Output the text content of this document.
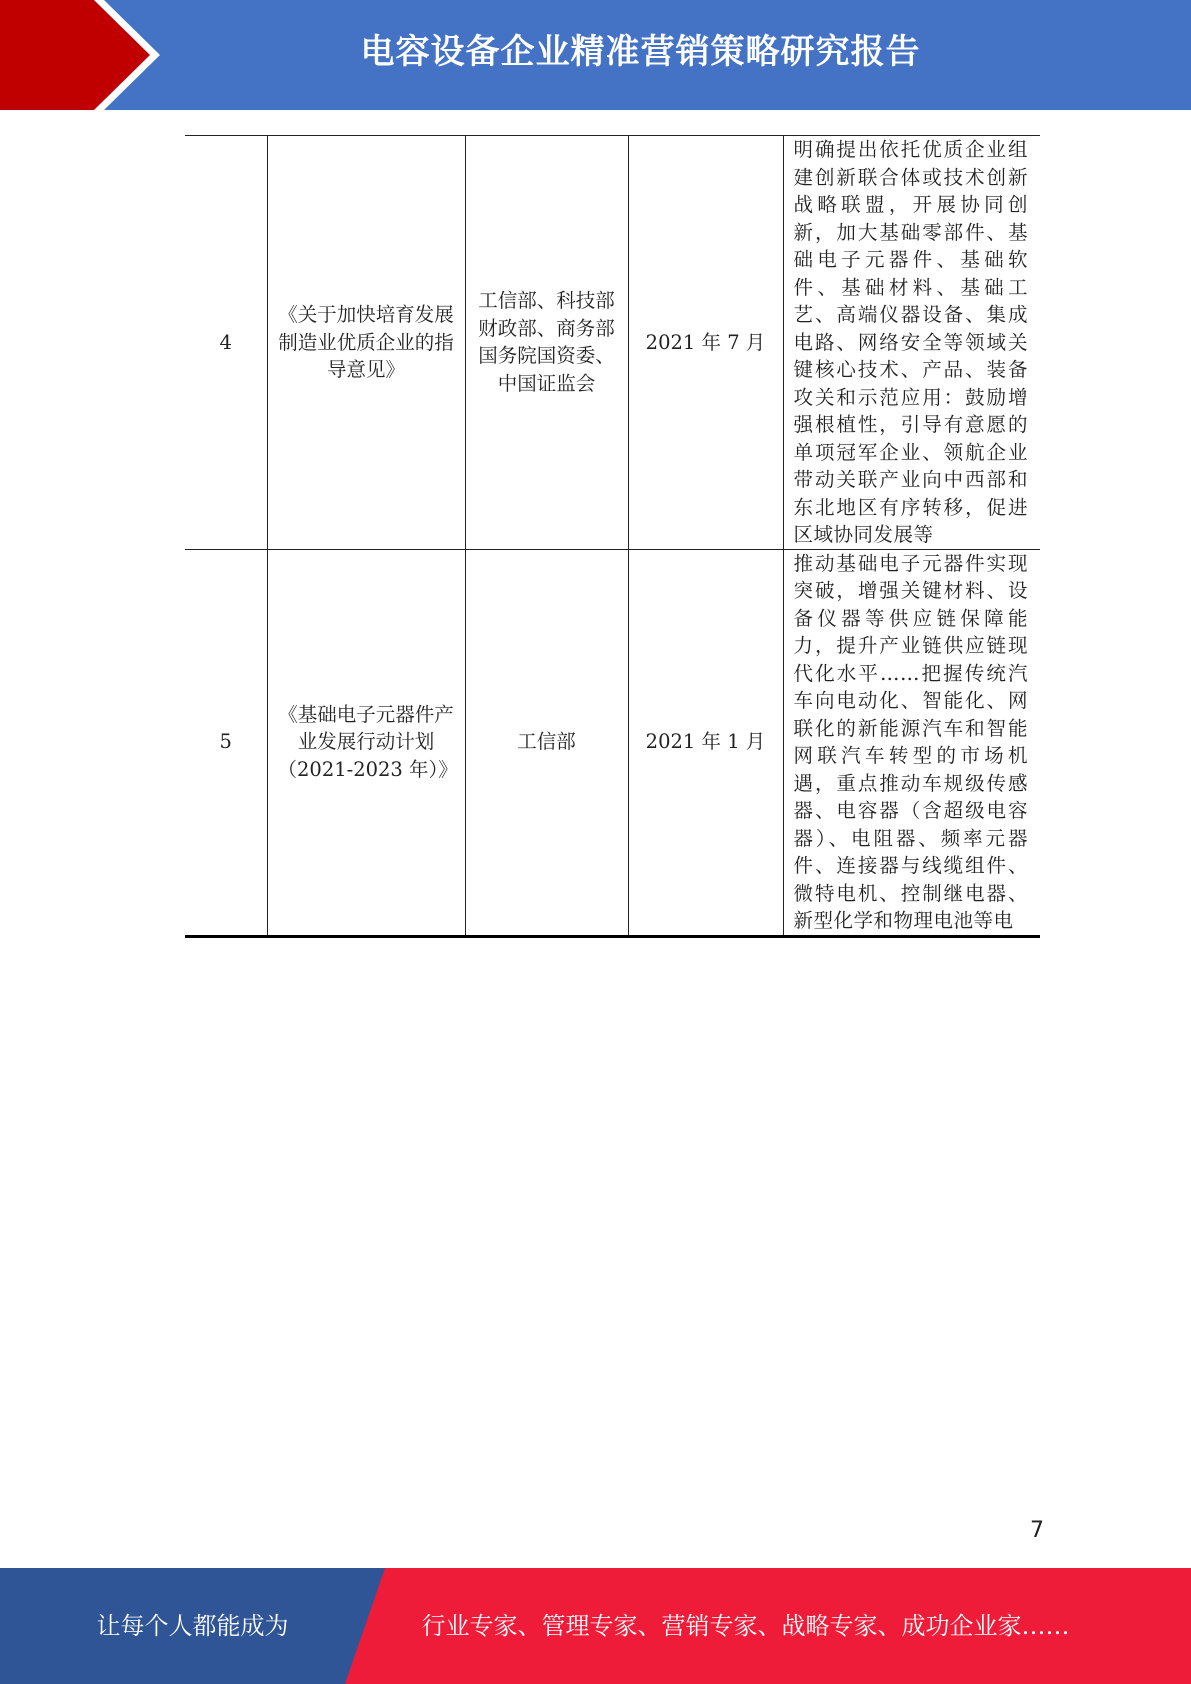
电容设备企业精准营销策略研究报告
4	《关于加快培育发展制造业优质企业的指导意见》	工信部、科技部财政部、商务部国务院国资委、中国证监会	2021 年 7 月	明确提出依托优质企业组建创新联合体或技术创新战略联盟，开展协同创新，加大基础零部件、基础电子元器件、基础软件、基础材料、基础工艺、高端仪器设备、集成电路、网络安全等领域关键核心技术、产品、装备攻关和示范应用：鼓励增强根植性，引导有意愿的单项冠军企业、领航企业带动关联产业向中西部和东北地区有序转移，促进区域协同发展等
5	《基础电子元器件产业发展行动计划（2021-2023 年）》	工信部	2021 年 1 月	推动基础电子元器件实现突破，增强关键材料、设备仪器等供应链保障能力，提升产业链供应链现代化水平……把握传统汽车向电动化、智能化、网联化的新能源汽车和智能网联汽车转型的市场机遇，重点推动车规级传感器、电容器（含超级电容器）、电阻器、频率元器件、连接器与线缆组件、微特电机、控制继电器、新型化学和物理电池等电
7
让每个人都能成为	行业专家、管理专家、营销专家、战略专家、成功企业家……
